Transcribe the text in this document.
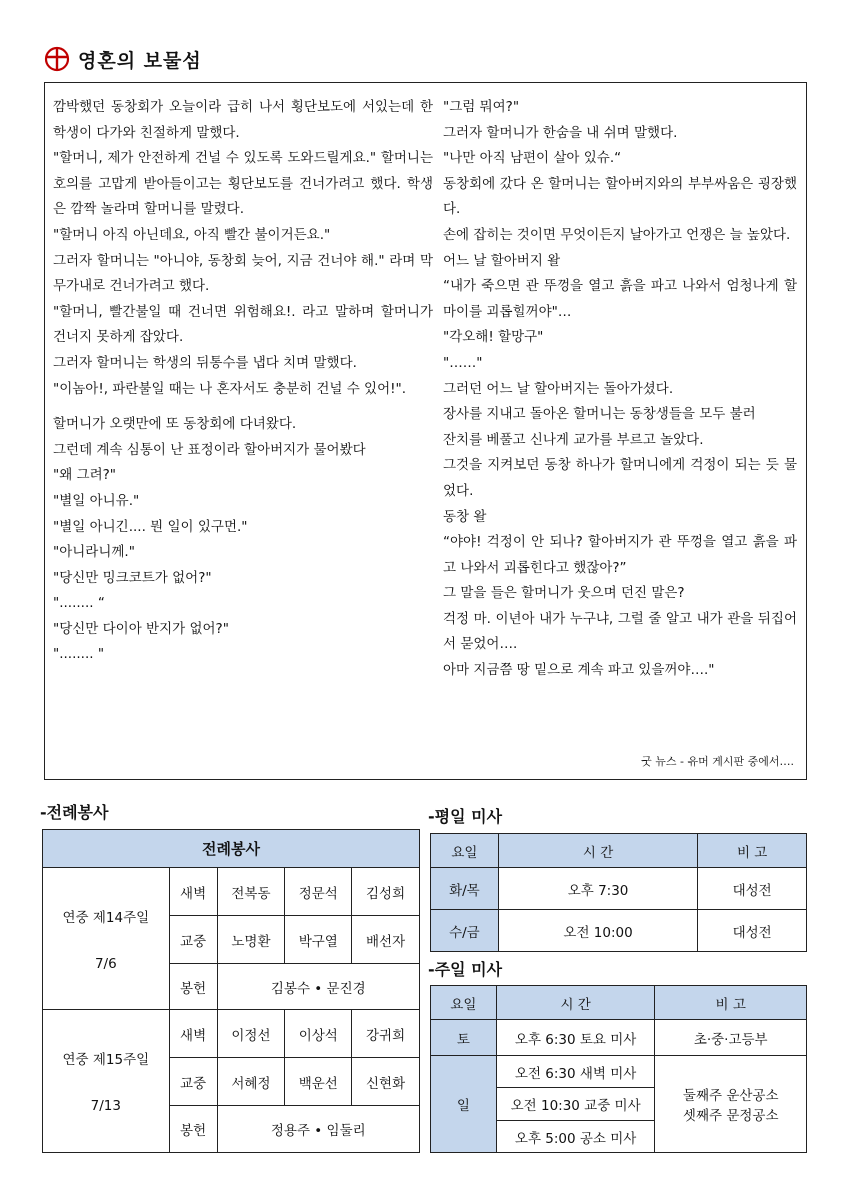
영혼의 보물섬

깜박했던 동창회가 오늘이라 급히 나서 횡단보도에 서있는데 한 학생이 다가와 친절하게 말했다.

"할머니, 제가 안전하게 건널 수 있도록 도와드릴게요." 할머니는 호의를 고맙게 받아들이고는 횡단보도를 건너가려고 했다. 학생은 깜짝 놀라며 할머니를 말렸다.

"할머니 아직 아닌데요, 아직 빨간 불이거든요."

그러자 할머니는 "아니야, 동창회 늦어, 지금 건너야 해." 라며 막무가내로 건너가려고 했다.

"할머니, 빨간불일 때 건너면 위험해요!. 라고 말하며 할머니가 건너지 못하게 잡았다.

그러자 할머니는 학생의 뒤통수를 냅다 치며 말했다.

"이놈아!, 파란불일 때는 나 혼자서도 충분히 건널 수 있어!".

할머니가 오랫만에 또 동창회에 다녀왔다.

그런데 계속 심통이 난 표정이라 할아버지가 물어봤다

"왜 그려?"

"별일 아니유."

"별일 아니긴.... 뭔 일이 있구먼."

"아니라니께."

"당신만 밍크코트가 없어?"

"........ “

"당신만 다이아 반지가 없어?"

"........ "

"그럼 뭐여?"

그러자 할머니가 한숨을 내 쉬며 말했다.

"나만 아직 남편이 살아 있슈.“

동창회에 갔다 온 할머니는 할아버지와의 부부싸움은 굉장했다.

손에 잡히는 것이면 무엇이든지 날아가고 언쟁은 늘 높았다.

어느 날 할아버지 왈

“내가 죽으면 관 뚜껑을 열고 흙을 파고 나와서 엄청나게 할마이를 괴롭힐꺼야"…

"각오해! 할망구"

"……"

그러던 어느 날 할아버지는 돌아가셨다.

장사를 지내고 돌아온 할머니는 동창생들을 모두 불러

잔치를 베풀고 신나게 교가를 부르고 놀았다.

그것을 지켜보던 동창 하나가 할머니에게 걱정이 되는 듯 물었다.

동창 왈

“야야! 걱정이 안 되나? 할아버지가 관 뚜껑을 열고 흙을 파고 나와서 괴롭힌다고 했잖아?”

그 말을 들은 할머니가 웃으며 던진 말은?

걱정 마. 이년아 내가 누구냐, 그럴 줄 알고 내가 관을 뒤집어서 묻었어….

아마 지금쯤 땅 밑으로 계속 파고 있을꺼야…."

굿 뉴스 - 유머 게시판 중에서….
-전례봉사
전례봉사				

연중 제14주일
7/6	새벽	전복동	정문석	김성희
	교중	노명환	박구열	배선자
	봉헌	김봉수 • 문진경		

연중 제15주일
7/13	새벽	이정선	이상석	강귀희
	교중	서혜정	백운선	신현화
	봉헌	정용주 • 임둘리		
-평일 미사
요일	시 간	비 고
화/목	오후 7:30	대성전
수/금	오전 10:00	대성전
-주일 미사
요일	시 간	비 고
토	오후 6:30 토요 미사	초·중·고등부
일	오전 6:30 새벽 미사	둘째주 운산공소
셋째주 문정공소

	오전 10:30 교중 미사	
	오후 5:00 공소 미사	
